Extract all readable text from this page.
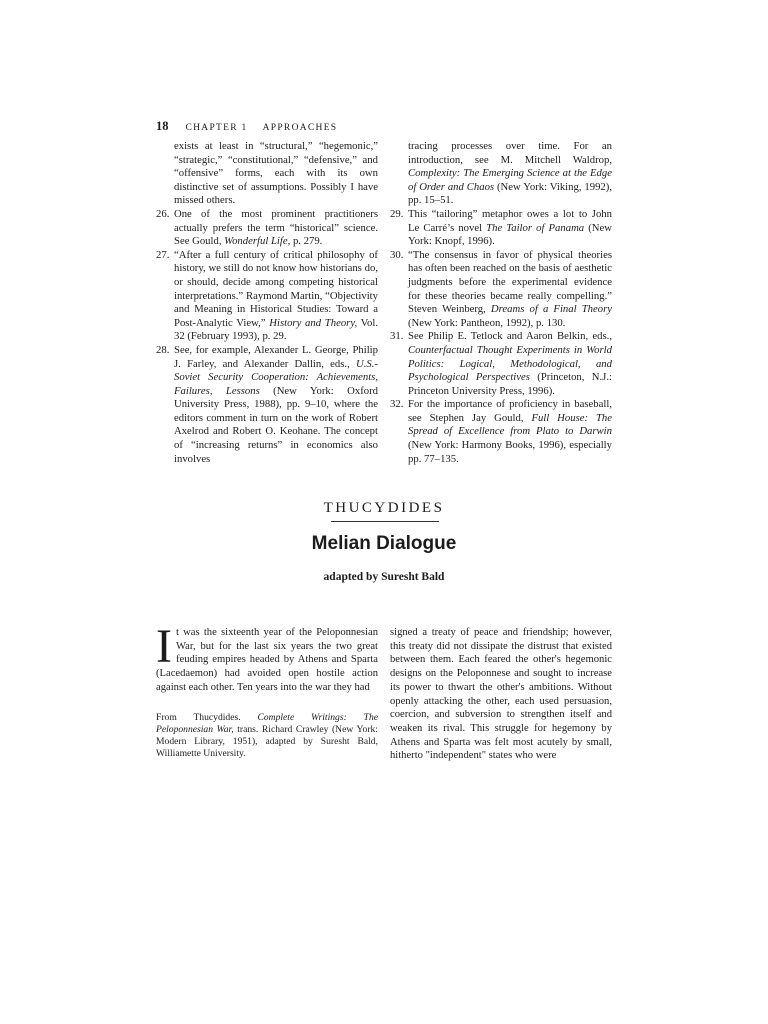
18 CHAPTER 1 APPROACHES

exists at least in “structural,” “hegemonic,” “strategic,” “constitutional,” “defensive,” and “offensive” forms, each with its own distinctive set of assumptions. Possibly I have missed others.

26. One of the most prominent practitioners actually prefers the term “historical” science. See Gould, Wonderful Life, p. 279.

27. “After a full century of critical philosophy of history, we still do not know how historians do, or should, decide among competing historical interpretations.” Raymond Martin, “Objectivity and Meaning in Historical Studies: Toward a Post-Analytic View,” History and Theory, Vol. 32 (February 1993), p. 29.

28. See, for example, Alexander L. George, Philip J. Farley, and Alexander Dallin, eds., U.S.-Soviet Security Cooperation: Achievements, Failures, Lessons (New York: Oxford University Press, 1988), pp. 9–10, where the editors comment in turn on the work of Robert Axelrod and Robert O. Keohane. The concept of “increasing returns” in economics also involves

tracing processes over time. For an introduction, see M. Mitchell Waldrop, Complexity: The Emerging Science at the Edge of Order and Chaos (New York: Viking, 1992), pp. 15–51.

29. This “tailoring” metaphor owes a lot to John Le Carré’s novel The Tailor of Panama (New York: Knopf, 1996).

30. “The consensus in favor of physical theories has often been reached on the basis of aesthetic judgments before the experimental evidence for these theories became really compelling.” Steven Weinberg, Dreams of a Final Theory (New York: Pantheon, 1992), p. 130.

31. See Philip E. Tetlock and Aaron Belkin, eds., Counterfactual Thought Experiments in World Politics: Logical, Methodological, and Psychological Perspectives (Princeton, N.J.: Princeton University Press, 1996).

32. For the importance of proficiency in baseball, see Stephen Jay Gould, Full House: The Spread of Excellence from Plato to Darwin (New York: Harmony Books, 1996), especially pp. 77–135.

THUCYDIDES
Melian Dialogue
adapted by Suresht Bald
It was the sixteenth year of the Peloponnesian War, but for the last six years the two great feuding empires headed by Athens and Sparta (Lacedaemon) had avoided open hostile action against each other. Ten years into the war they had
From Thucydides. Complete Writings: The Peloponnesian War, trans. Richard Crawley (New York: Modern Library, 1951), adapted by Suresht Bald, Williamette University.
signed a treaty of peace and friendship; however, this treaty did not dissipate the distrust that existed between them. Each feared the other's hegemonic designs on the Peloponnese and sought to increase its power to thwart the other's ambitions. Without openly attacking the other, each used persuasion, coercion, and subversion to strengthen itself and weaken its rival. This struggle for hegemony by Athens and Sparta was felt most acutely by small, hitherto "independent" states who were
